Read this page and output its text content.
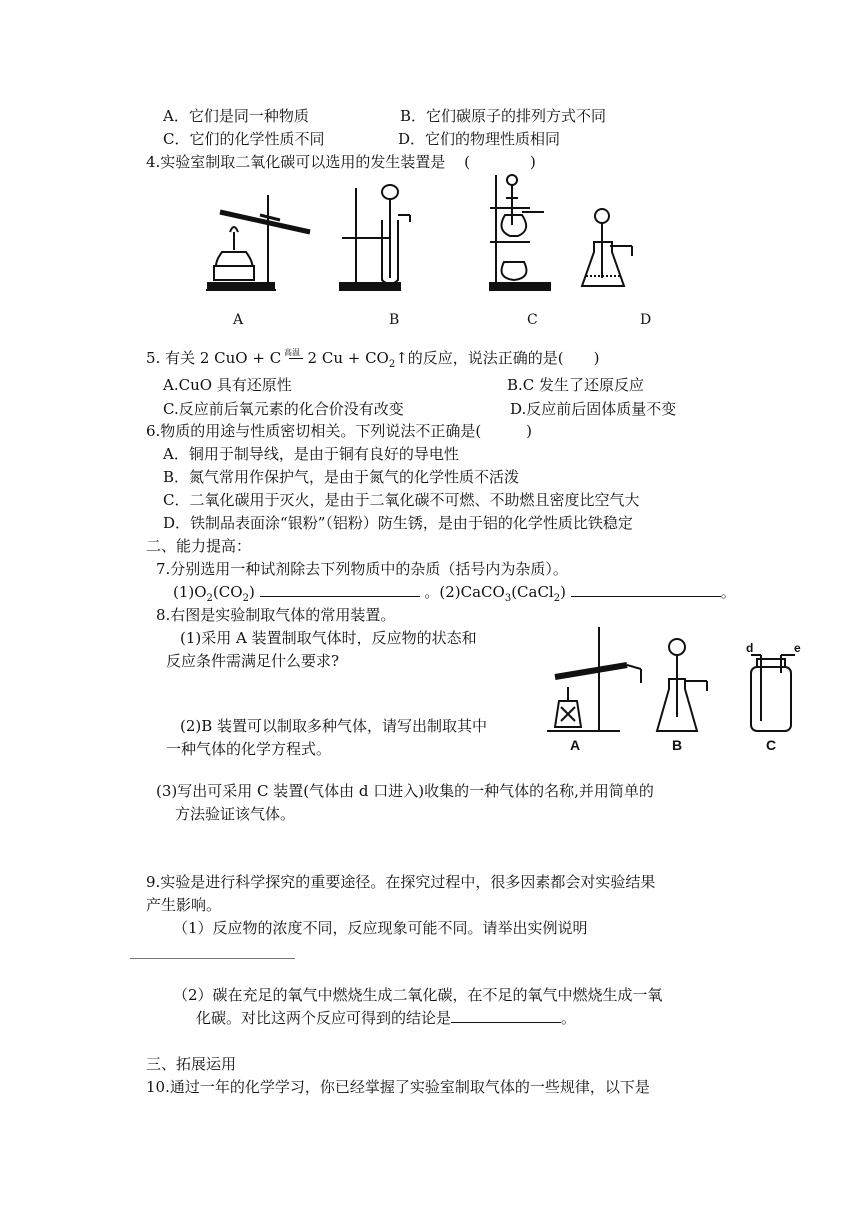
A．它们是同一种物质	B．它们碳原子的排列方式不同
C．它们的化学性质不同	D．它们的物理性质相同
4.实验室制取二氧化碳可以选用的发生装置是 (　　　　)
A	B	C	D
5. 有关 2 CuO + C $^{高温}$ 2 $Cu + CO_2↑$的反应，说法正确的是(　　)
A.CuO 具有还原性	B.C 发生了还原反应
C.反应前后氧元素的化合价没有改变	D.反应前后固体质量不变
6.物质的用途与性质密切相关。下列说法不正确是(　　　)
A．铜用于制导线，是由于铜有良好的导电性
B．氮气常用作保护气，是由于氮气的化学性质不活泼
C．二氧化碳用于灭火，是由于二氧化碳不可燃、不助燃且密度比空气大
D．铁制品表面涂“银粉”（铝粉）防生锈，是由于铝的化学性质比铁稳定
二、能力提高：
7.分别选用一种试剂除去下列物质中的杂质（括号内为杂质）。
$(1)O_2(CO_2)$	。(2)CaCO$_3$(CaCl$_2$)	。
8.右图是实验制取气体的常用装置。
(1)采用 A 装置制取气体时，反应物的状态和
反应条件需满足什么要求?
(2)B 装置可以制取多种气体，请写出制取其中
一种气体的化学方程式。	A	B	C
d	e
(3)写出可采用 C 装置(气体由 d 口进入)收集的一种气体的名称,并用简单的
方法验证该气体。
9.实验是进行科学探究的重要途径。在探究过程中，很多因素都会对实验结果
产生影响。
（1）反应物的浓度不同，反应现象可能不同。请举出实例说明
（2）碳在充足的氧气中燃烧生成二氧化碳，在不足的氧气中燃烧生成一氧
化碳。对比这两个反应可得到的结论是	。
三、拓展运用
10.通过一年的化学学习，你已经掌握了实验室制取气体的一些规律，以下是
